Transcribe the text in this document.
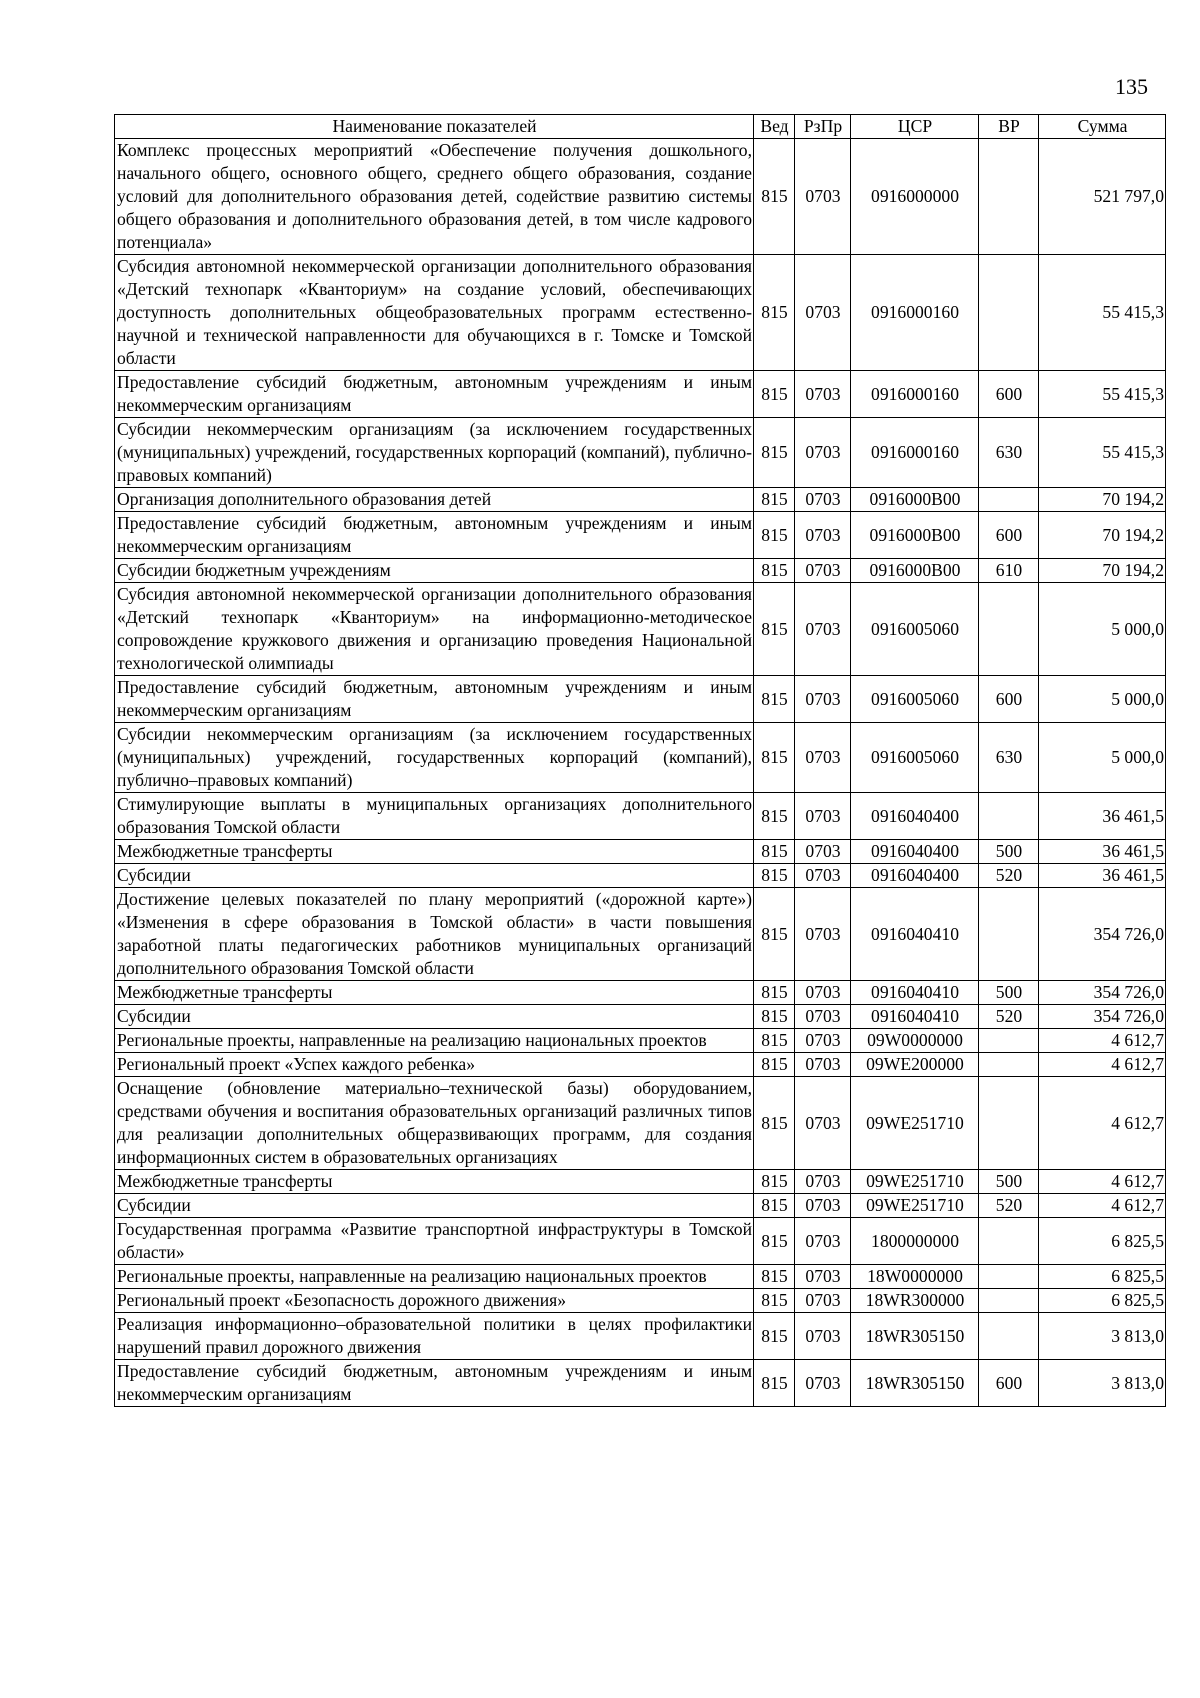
135
Наименование показателей	Вед	РзПр	ЦСР	ВР	Сумма
Комплекс процессных мероприятий «Обеспечение получения дошкольного, начального общего, основного общего, среднего общего образования, создание условий для дополнительного образования детей, содействие развитию системы общего образования и дополнительного образования детей, в том числе кадрового потенциала»	815	0703	0916000000		521 797,0
Субсидия автономной некоммерческой организации дополнительного образования «Детский технопарк «Кванториум» на создание условий, обеспечивающих доступность дополнительных общеобразовательных программ естественно-научной и технической направленности для обучающихся в г. Томске и Томской области	815	0703	0916000160		55 415,3
Предоставление субсидий бюджетным, автономным учреждениям и иным некоммерческим организациям	815	0703	0916000160	600	55 415,3
Субсидии некоммерческим организациям (за исключением государственных (муниципальных) учреждений, государственных корпораций (компаний), публично-правовых компаний)	815	0703	0916000160	630	55 415,3
Организация дополнительного образования детей	815	0703	0916000В00		70 194,2
Предоставление субсидий бюджетным, автономным учреждениям и иным некоммерческим организациям	815	0703	0916000В00	600	70 194,2
Субсидии бюджетным учреждениям	815	0703	0916000В00	610	70 194,2
Субсидия автономной некоммерческой организации дополнительного образования «Детский технопарк «Кванториум» на информационно-методическое сопровождение кружкового движения и организацию проведения Национальной технологической олимпиады	815	0703	0916005060		5 000,0
Предоставление субсидий бюджетным, автономным учреждениям и иным некоммерческим организациям	815	0703	0916005060	600	5 000,0
Субсидии некоммерческим организациям (за исключением государственных (муниципальных) учреждений, государственных корпораций (компаний), публично–правовых компаний)	815	0703	0916005060	630	5 000,0
Стимулирующие выплаты в муниципальных организациях дополнительного образования Томской области	815	0703	0916040400		36 461,5
Межбюджетные трансферты	815	0703	0916040400	500	36 461,5
Субсидии	815	0703	0916040400	520	36 461,5
Достижение целевых показателей по плану мероприятий («дорожной карте») «Изменения в сфере образования в Томской области» в части повышения заработной платы педагогических работников муниципальных организаций дополнительного образования Томской области	815	0703	0916040410		354 726,0
Межбюджетные трансферты	815	0703	0916040410	500	354 726,0
Субсидии	815	0703	0916040410	520	354 726,0
Региональные проекты, направленные на реализацию национальных проектов	815	0703	09W0000000		4 612,7
Региональный проект «Успех каждого ребенка»	815	0703	09WE200000		4 612,7
Оснащение (обновление материально–технической базы) оборудованием, средствами обучения и воспитания образовательных организаций различных типов для реализации дополнительных общеразвивающих программ, для создания информационных систем в образовательных организациях	815	0703	09WE251710		4 612,7
Межбюджетные трансферты	815	0703	09WE251710	500	4 612,7
Субсидии	815	0703	09WE251710	520	4 612,7
Государственная программа «Развитие транспортной инфраструктуры в Томской области»	815	0703	1800000000		6 825,5
Региональные проекты, направленные на реализацию национальных проектов	815	0703	18W0000000		6 825,5
Региональный проект «Безопасность дорожного движения»	815	0703	18WR300000		6 825,5
Реализация информационно–образовательной политики в целях профилактики нарушений правил дорожного движения	815	0703	18WR305150		3 813,0
Предоставление субсидий бюджетным, автономным учреждениям и иным некоммерческим организациям	815	0703	18WR305150	600	3 813,0
